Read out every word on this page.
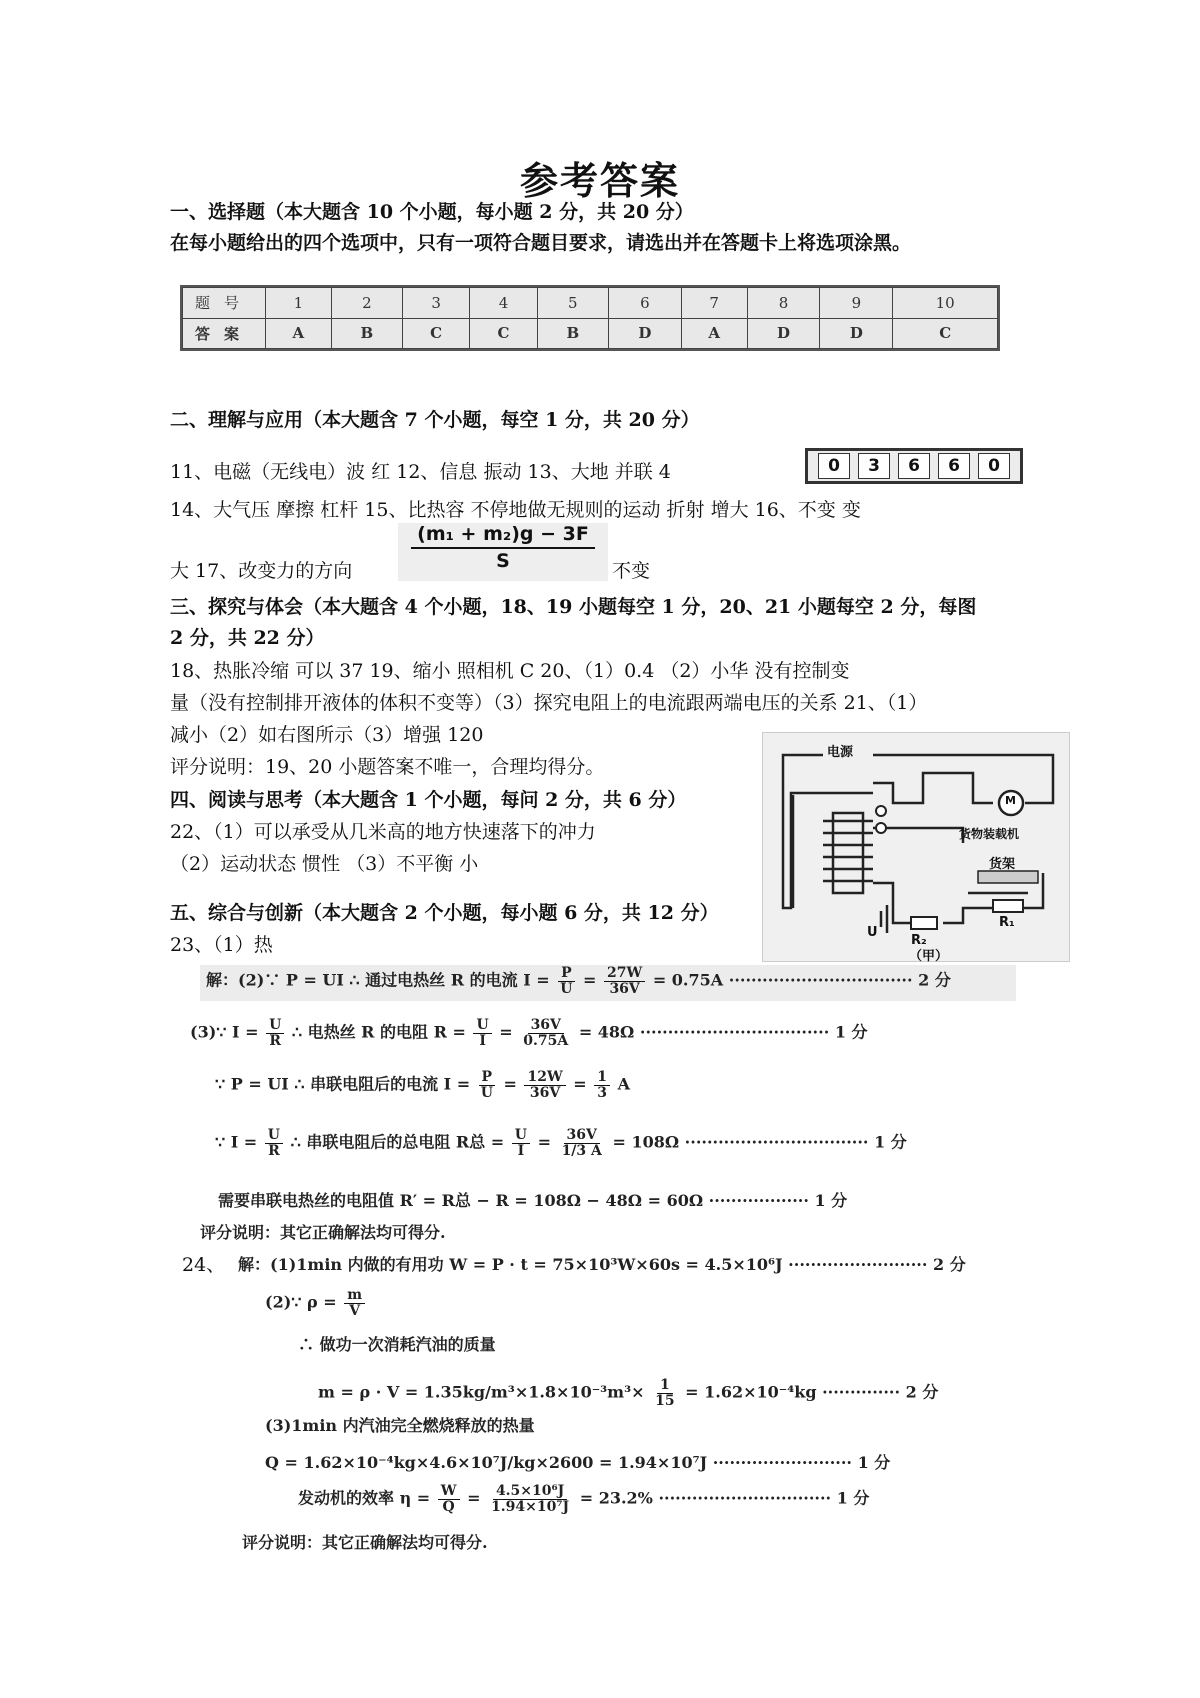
参考答案
一、选择题（本大题含 10 个小题，每小题 2 分，共 20 分）
在每小题给出的四个选项中，只有一项符合题目要求，请选出并在答题卡上将选项涂黑。
题号	1	2	3	4	5	6	7	8	9	10
答案	A	B	C	C	B	D	A	D	D	C
二、理解与应用（本大题含 7 个小题，每空 1 分，共 20 分）
11、电磁（无线电）波 红 12、信息 振动 13、大地 并联 4	0	3	6	6	0
14、大气压 摩擦 杠杆 15、比热容 不停地做无规则的运动 折射 增大 16、不变 变
$\frac{\text{(m₁ + m₂)g − 3F}}{S}$
大 17、改变力的方向	不变
三、探究与体会（本大题含 4 个小题，18、19 小题每空 1 分，20、21 小题每空 2 分，每图
2 分，共 22 分）
18、热胀冷缩 可以 37 19、缩小 照相机 C 20、（1）0.4 （2）小华 没有控制变
量（没有控制排开液体的体积不变等）（3）探究电阻上的电流跟两端电压的关系 21、（1）
减小（2）如右图所示（3）增强 120
评分说明：19、20 小题答案不唯一，合理均得分。
四、阅读与思考（本大题含 1 个小题，每问 2 分，共 6 分）
22、（1）可以承受从几米高的地方快速落下的冲力
（2）运动状态 惯性 （3）不平衡 小
电源
M
货物装载机
货架
R₁
R₂
U
（甲）
五、综合与创新（本大题含 2 个小题，每小题 6 分，共 12 分）
23、（1）热
解：(2)∵ P = UI ∴ 通过电热丝 R 的电流 $I = \frac{P}{U} = \frac{27W}{36V} = 0.75A$ ································· 2 分
(3)∵ $I = \frac{U}{R}$ ∴ 电热丝 R 的电阻 $R = \frac{U}{I} = \frac{36V}{0.75A} = 48\Omega$ ·································· 1 分
∵ P = UI ∴ 串联电阻后的电流 $I = \frac{P}{U} = \frac{12W}{36V} = \frac{1}{3}$ A
∵ $I = \frac{U}{R}$ ∴ 串联电阻后的总电阻 R总 = $\frac{U}{I} = \frac{36V}{1/3 A} = 108\Omega$ ································· 1 分
需要串联电热丝的电阻值 R′ = R总 − R = 108Ω − 48Ω = 60Ω ·················· 1 分
评分说明：其它正确解法均可得分.
24、 解：(1)1min 内做的有用功 W = P · t = 75×10³W×60s = 4.5×10⁶J ························· 2 分
(2)∵ $\rho = \frac{m}{V}$
∴ 做功一次消耗汽油的质量
$m = \rho \cdot V = 1.35kg/m^3\times 1.8\times 10^{-3}m^3\times \frac{1}{15} = 1.62\times 10^{-4}kg$ ·············· 2 分
(3)1min 内汽油完全燃烧释放的热量
Q = 1.62×10⁻⁴kg×4.6×10⁷J/kg×2600 = 1.94×10⁷J ························· 1 分
发动机的效率 $\eta = \frac{W}{Q} = \frac{\text{4.5×10⁶J}}{\text{1.94×10⁷J}} = 23.2\%$ ······························· 1 分
评分说明：其它正确解法均可得分.
